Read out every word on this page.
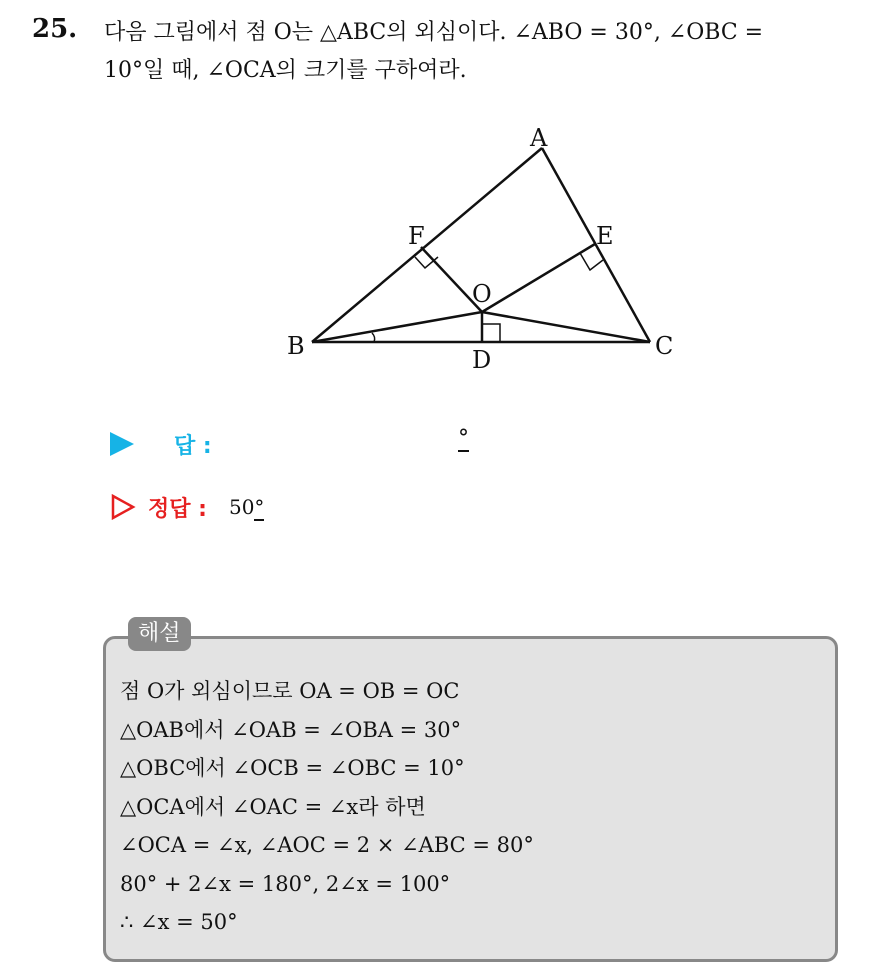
25. 다음 그림에서 점 O는 △ABC의 외심이다. ∠ABO = 30°, ∠OBC =
10°일 때, ∠OCA의 크기를 구하여라.
A
B	C
D
E
F
O
답 :	°
정답 : 50°
해설
점 O가 외심이므로 OA = OB = OC
△OAB에서 ∠OAB = ∠OBA = 30°
△OBC에서 ∠OCB = ∠OBC = 10°
△OCA에서 ∠OAC = ∠x라 하면
∠OCA = ∠x, ∠AOC = 2 × ∠ABC = 80°
80° + 2∠x = 180°, 2∠x = 100°
∴ ∠x = 50°
